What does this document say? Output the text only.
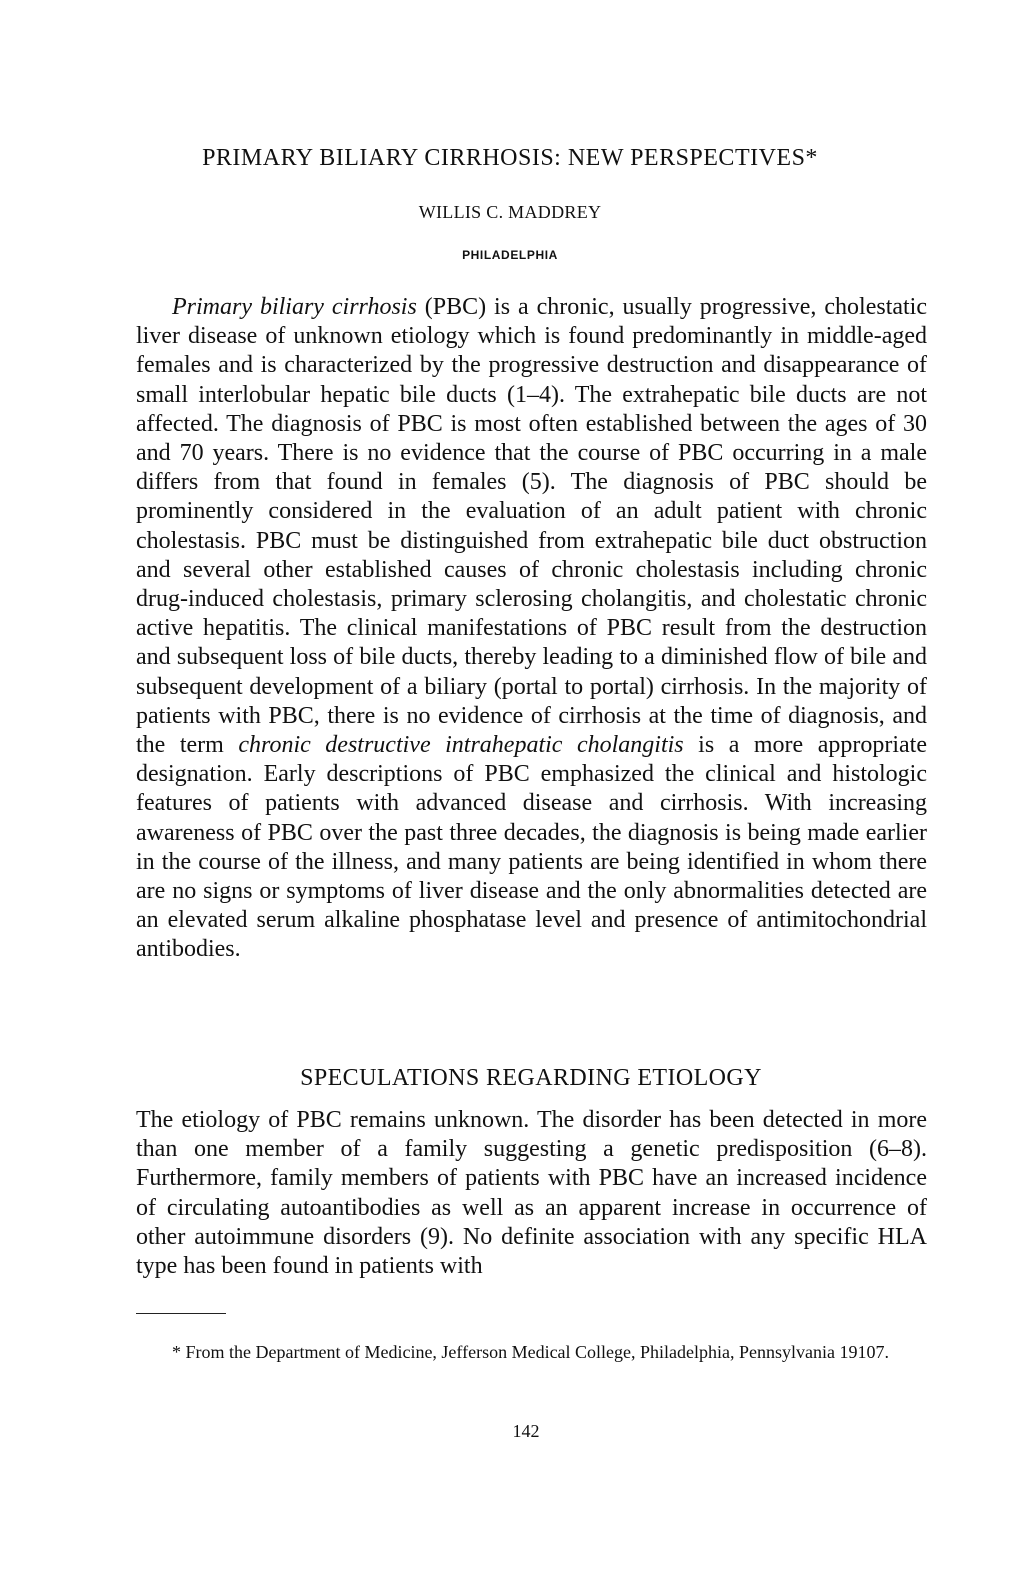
PRIMARY BILIARY CIRRHOSIS: NEW PERSPECTIVES*
WILLIS C. MADDREY
PHILADELPHIA

Primary biliary cirrhosis (PBC) is a chronic, usually progressive, cholestatic liver disease of unknown etiology which is found predominantly in middle-aged females and is characterized by the progressive destruction and disappearance of small interlobular hepatic bile ducts (1–4). The extrahepatic bile ducts are not affected. The diagnosis of PBC is most often established between the ages of 30 and 70 years. There is no evidence that the course of PBC occurring in a male differs from that found in females (5). The diagnosis of PBC should be prominently considered in the evaluation of an adult patient with chronic cholestasis. PBC must be distinguished from extrahepatic bile duct obstruction and several other established causes of chronic cholestasis including chronic drug-induced cholestasis, primary sclerosing cholangitis, and cholestatic chronic active hepatitis. The clinical manifestations of PBC result from the destruction and subsequent loss of bile ducts, thereby leading to a diminished flow of bile and subsequent development of a biliary (portal to portal) cirrhosis. In the majority of patients with PBC, there is no evidence of cirrhosis at the time of diagnosis, and the term chronic destructive intrahepatic cholangitis is a more appropriate designation. Early descriptions of PBC emphasized the clinical and histologic features of patients with advanced disease and cirrhosis. With increasing awareness of PBC over the past three decades, the diagnosis is being made earlier in the course of the illness, and many patients are being identified in whom there are no signs or symptoms of liver disease and the only abnormalities detected are an elevated serum alkaline phosphatase level and presence of antimitochondrial antibodies.

SPECULATIONS REGARDING ETIOLOGY

The etiology of PBC remains unknown. The disorder has been detected in more than one member of a family suggesting a genetic predisposition (6–8). Furthermore, family members of patients with PBC have an increased incidence of circulating autoantibodies as well as an apparent increase in occurrence of other autoimmune disorders (9). No definite association with any specific HLA type has been found in patients with

* From the Department of Medicine, Jefferson Medical College, Philadelphia, Pennsylvania 19107.

142
